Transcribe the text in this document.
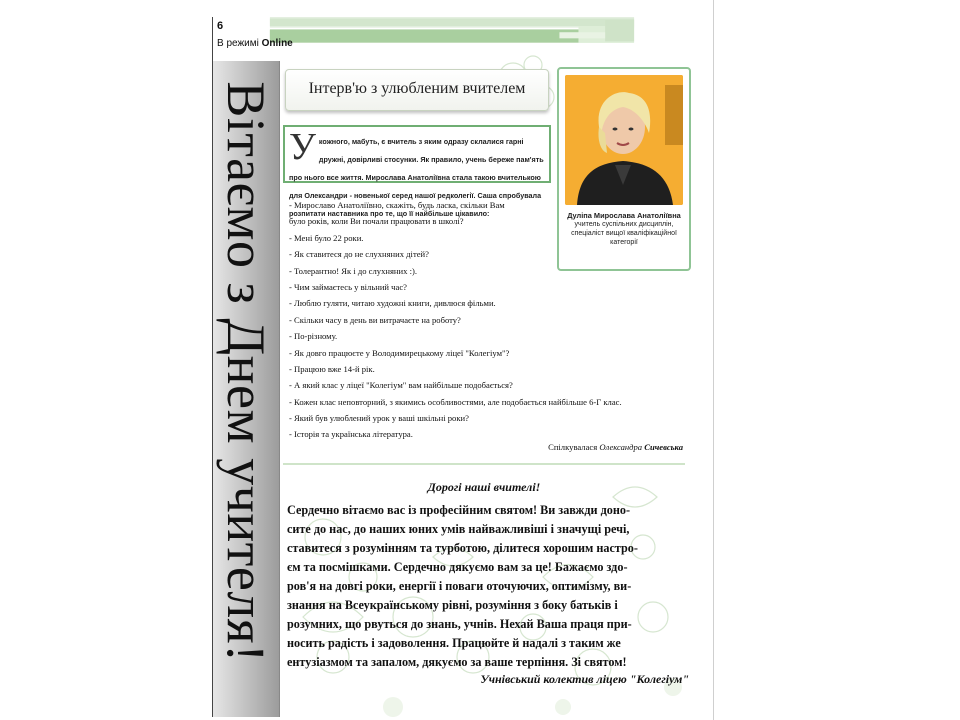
6
В режимі Online
Вітаємо з Днем учителя!	Інтерв'ю з улюбленим вчителем
У кожного, мабуть, є вчитель з яким одразу склалися гарні дружні, довірливі стосунки. Як правило, учень береже пам'ять про нього все життя. Мирослава Анатоліївна стала такою вчителькою для Олександри - новенької серед нашої редколегії. Саша спробувала розпитати наставника про те, що її найбільше цікавило:	Дуліпа Мирослава Анатоліївна
учитель суспільних дисциплін,
спеціаліст вищої кваліфікаційної
категорії
- Мирославо Анатоліївно, скажіть, будь ласка, скільки Вам
було років, коли Ви почали працювати в школі?
- Мені було 22 роки.
- Як ставитеся до не слухняних дітей?
- Толерантно! Як і до слухняних :).
- Чим займаєтесь у вільний час?
- Люблю гуляти, читаю художні книги, дивлюся фільми.
- Скільки часу в день ви витрачаєте на роботу?
- По-різному.
- Як довго працюєте у Володимирецькому ліцеї "Колегіум"?
- Працюю вже 14-й рік.
- А який клас у ліцеї "Колегіум" вам найбільше подобається?
- Кожен клас неповторний, з якимись особливостями, але подобається найбільше 6-Г клас.
- Який був улюблений урок у ваші шкільні роки?
- Історія та українська література.
Спілкувалася Олександра Сичевська
Дорогі наші вчителі!
Сердечно вітаємо вас із професійним святом! Ви завжди доно-
сите до нас, до наших юних умів найважливіші і значущі речі,
ставитеся з розумінням та турботою, ділитеся хорошим настро-
єм та посмішками. Сердечно дякуємо вам за це! Бажаємо здо-
ров'я на довгі роки, енергії і поваги оточуючих, оптимізму, ви-
знання на Всеукраїнському рівні, розуміння з боку батьків і
розумних, що рвуться до знань, учнів. Нехай Ваша праця при-
носить радість і задоволення. Працюйте й надалі з таким же
ентузіазмом та запалом, дякуємо за ваше терпіння. Зі святом!
Учнівський колектив ліцею "Колегіум"
